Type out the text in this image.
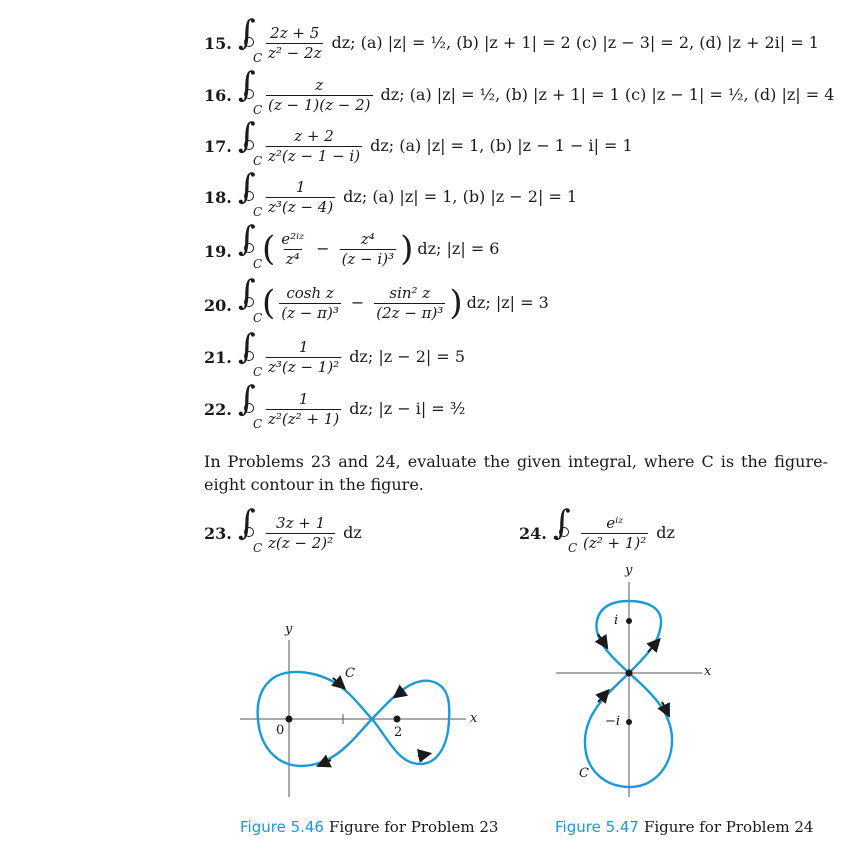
15. ∫
C $\frac{2z + 5}{\text{z² − 2z}}$ dz; (a) |z| = ½, (b) |z + 1| = 2 (c) |z − 3| = 2, (d) |z + 2i| = 1
16. ∫
C $\frac{z}{(z - 1)(z - 2)}$ dz; (a) |z| = ½, (b) |z + 1| = 1 (c) |z − 1| = ½, (d) |z| = 4
17. ∫
C $\frac{z + 2}{\text{z²(z − 1 − i)}}$ dz; (a) |z| = 1, (b) |z − 1 − i| = 1
18. ∫
C $\frac{1}{\text{z³(z − 4)}}$ dz; (a) |z| = 1, (b) |z − 2| = 1
19. ∫
C ( $\frac{\text{e²ⁱᶻ}}{\text{z⁴}} - \frac{\text{z⁴}}{\text{(z − i)³}}$ ) dz; |z| = 6
20. ∫
C ( $\frac{\text{cosh z}}{\text{(z − π)³}} - \frac{\text{sin² z}}{\text{(2z − π)³}}$ ) dz; |z| = 3
21. ∫
C $\frac{1}{\text{z³(z − 1)²}}$ dz; |z − 2| = 5
22. ∫
C $\frac{1}{\text{z²(z² + 1)}}$ dz; |z − i| = ³⁄₂
In Problems 23 and 24, evaluate the given integral, where C is the figure-eight contour in the figure.
23. ∫
C $\frac{3z + 1}{\text{z(z − 2)²}}$ dz	24. ∫
C $\frac{\text{eⁱᶻ}}{\text{(z² + 1)²}}$ dz
y
x
0	2
C
y
x
i
−i
C
Figure 5.46 Figure for Problem 23	Figure 5.47 Figure for Problem 24
